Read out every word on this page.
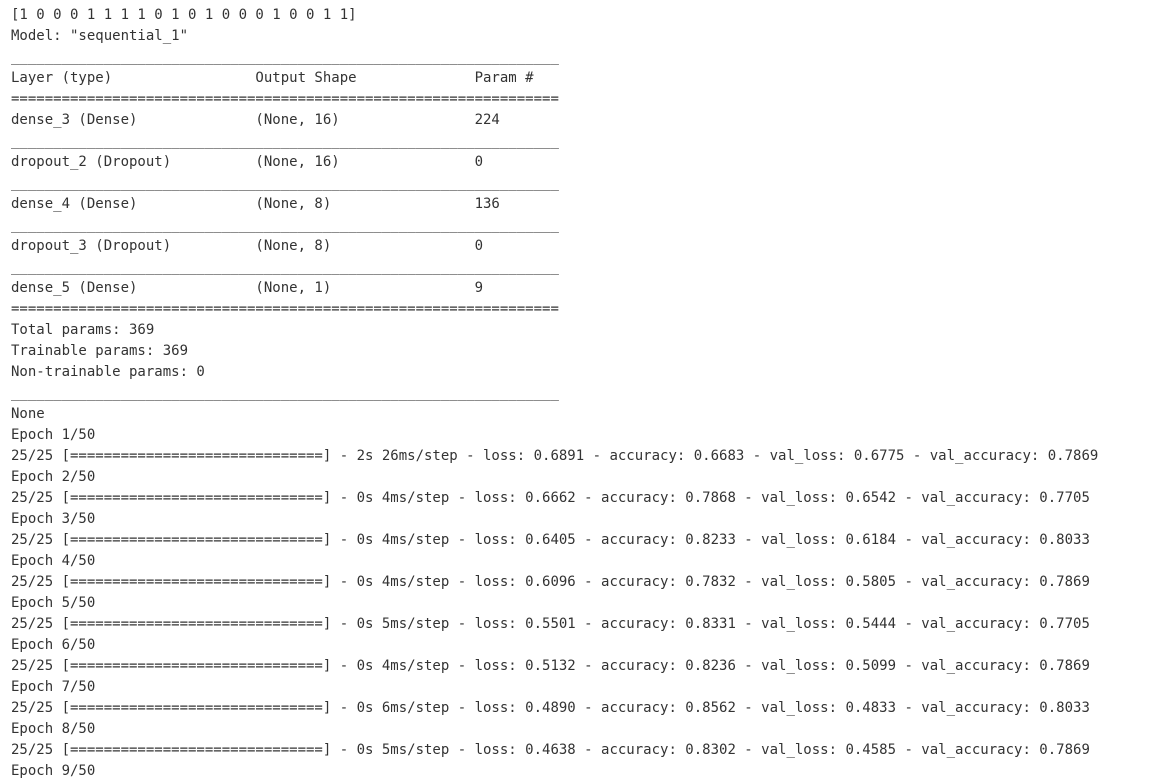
[1 0 0 0 1 1 1 1 0 1 0 1 0 0 0 1 0 0 1 1]
Model: "sequential_1"
_________________________________________________________________
Layer (type)                 Output Shape              Param #
=================================================================
dense_3 (Dense)              (None, 16)                224
_________________________________________________________________
dropout_2 (Dropout)          (None, 16)                0
_________________________________________________________________
dense_4 (Dense)              (None, 8)                 136
_________________________________________________________________
dropout_3 (Dropout)          (None, 8)                 0
_________________________________________________________________
dense_5 (Dense)              (None, 1)                 9
=================================================================
Total params: 369
Trainable params: 369
Non-trainable params: 0
_________________________________________________________________
None
Epoch 1/50
25/25 [==============================] - 2s 26ms/step - loss: 0.6891 - accuracy: 0.6683 - val_loss: 0.6775 - val_accuracy: 0.7869
Epoch 2/50
25/25 [==============================] - 0s 4ms/step - loss: 0.6662 - accuracy: 0.7868 - val_loss: 0.6542 - val_accuracy: 0.7705
Epoch 3/50
25/25 [==============================] - 0s 4ms/step - loss: 0.6405 - accuracy: 0.8233 - val_loss: 0.6184 - val_accuracy: 0.8033
Epoch 4/50
25/25 [==============================] - 0s 4ms/step - loss: 0.6096 - accuracy: 0.7832 - val_loss: 0.5805 - val_accuracy: 0.7869
Epoch 5/50
25/25 [==============================] - 0s 5ms/step - loss: 0.5501 - accuracy: 0.8331 - val_loss: 0.5444 - val_accuracy: 0.7705
Epoch 6/50
25/25 [==============================] - 0s 4ms/step - loss: 0.5132 - accuracy: 0.8236 - val_loss: 0.5099 - val_accuracy: 0.7869
Epoch 7/50
25/25 [==============================] - 0s 6ms/step - loss: 0.4890 - accuracy: 0.8562 - val_loss: 0.4833 - val_accuracy: 0.8033
Epoch 8/50
25/25 [==============================] - 0s 5ms/step - loss: 0.4638 - accuracy: 0.8302 - val_loss: 0.4585 - val_accuracy: 0.7869
Epoch 9/50
